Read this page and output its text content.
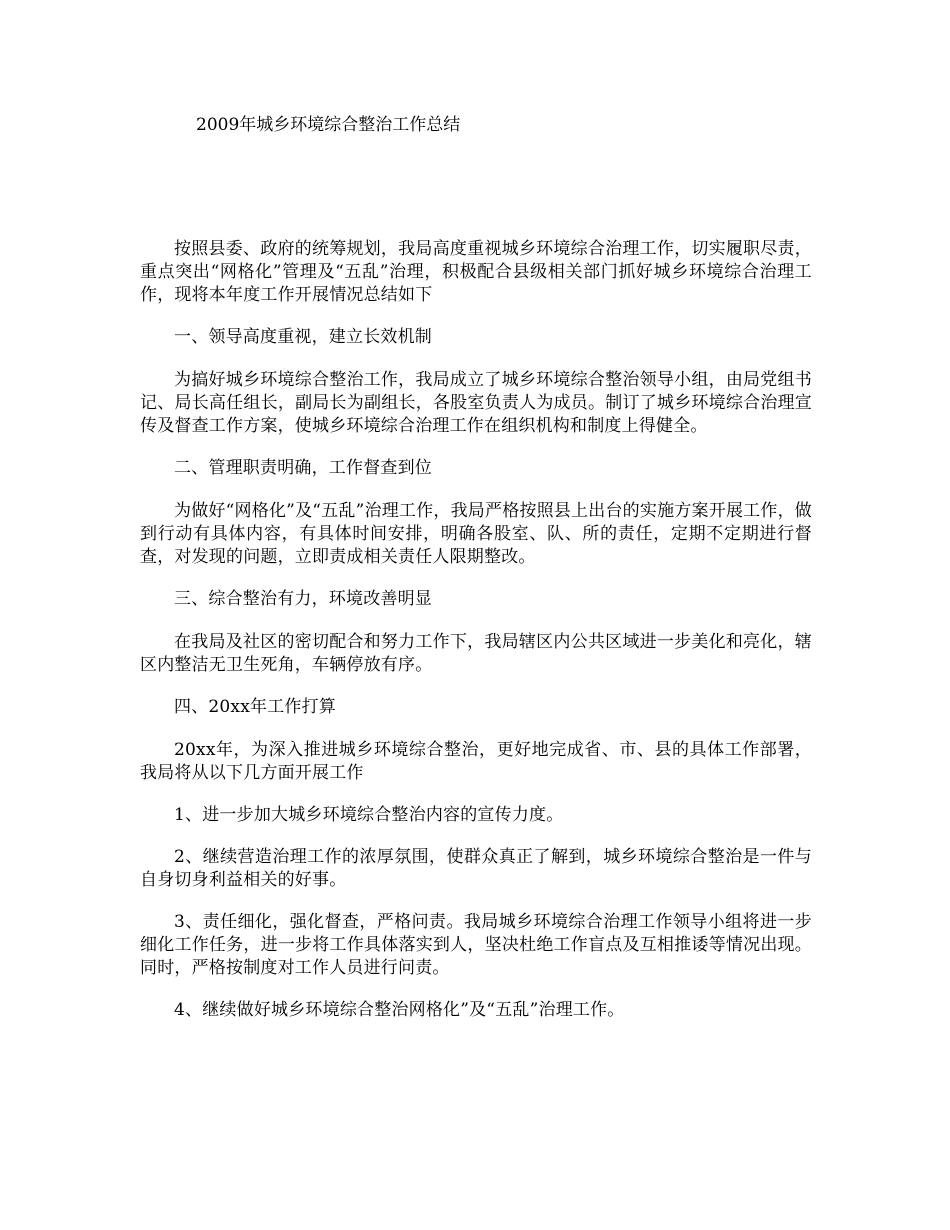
2009年城乡环境综合整治工作总结

按照县委、政府的统筹规划，我局高度重视城乡环境综合治理工作，切实履职尽责，重点突出“网格化”管理及“五乱”治理，积极配合县级相关部门抓好城乡环境综合治理工作，现将本年度工作开展情况总结如下

一、领导高度重视，建立长效机制

为搞好城乡环境综合整治工作，我局成立了城乡环境综合整治领导小组，由局党组书记、局长高任组长，副局长为副组长，各股室负责人为成员。制订了城乡环境综合治理宣传及督查工作方案，使城乡环境综合治理工作在组织机构和制度上得健全。

二、管理职责明确，工作督查到位

为做好“网格化”及“五乱”治理工作，我局严格按照县上出台的实施方案开展工作，做到行动有具体内容，有具体时间安排，明确各股室、队、所的责任，定期不定期进行督查，对发现的问题，立即责成相关责任人限期整改。

三、综合整治有力，环境改善明显

在我局及社区的密切配合和努力工作下，我局辖区内公共区域进一步美化和亮化，辖区内整洁无卫生死角，车辆停放有序。

四、20xx年工作打算

20xx年，为深入推进城乡环境综合整治，更好地完成省、市、县的具体工作部署，我局将从以下几方面开展工作

1、进一步加大城乡环境综合整治内容的宣传力度。

2、继续营造治理工作的浓厚氛围，使群众真正了解到，城乡环境综合整治是一件与自身切身利益相关的好事。

3、责任细化，强化督查，严格问责。我局城乡环境综合治理工作领导小组将进一步细化工作任务，进一步将工作具体落实到人，坚决杜绝工作盲点及互相推诿等情况出现。同时，严格按制度对工作人员进行问责。

4、继续做好城乡环境综合整治网格化”及“五乱”治理工作。
